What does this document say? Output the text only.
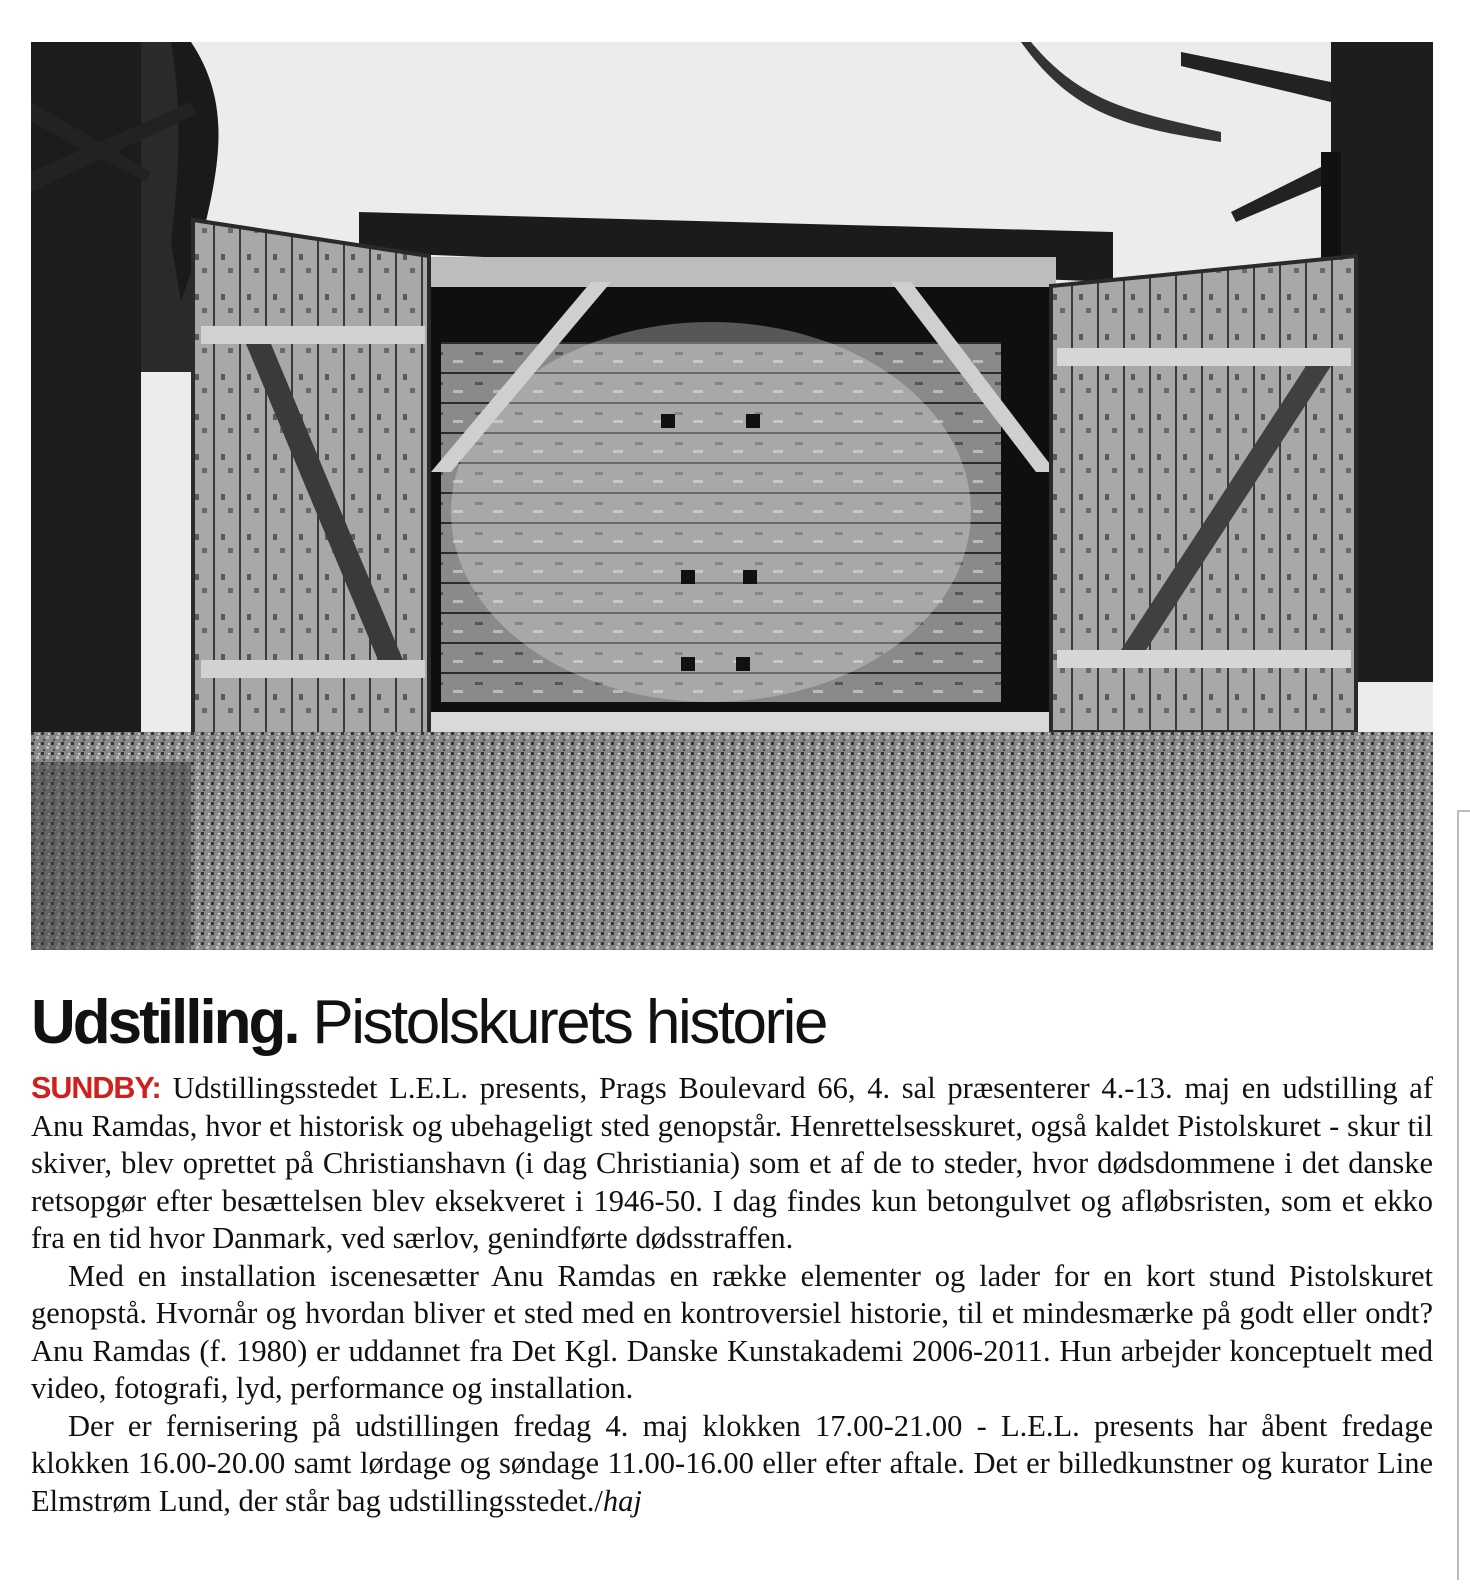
Udstilling. Pistolskurets historie

SUNDBY: Udstillingsstedet L.E.L. presents, Prags Boulevard 66, 4. sal præsenterer 4.-13. maj en udstilling af Anu Ramdas, hvor et historisk og ubehageligt sted genopstår. Henrettelsesskuret, også kaldet Pistolskuret - skur til skiver, blev oprettet på Christianshavn (i dag Christiania) som et af de to steder, hvor dødsdommene i det danske retsopgør efter besættelsen blev eksekveret i 1946-50. I dag findes kun betongulvet og afløbsristen, som et ekko fra en tid hvor Danmark, ved særlov, genindførte dødsstraffen.

Med en installation iscenesætter Anu Ramdas en række elementer og lader for en kort stund Pistolskuret genopstå. Hvornår og hvordan bliver et sted med en kontroversiel historie, til et mindesmærke på godt eller ondt? Anu Ramdas (f. 1980) er uddannet fra Det Kgl. Danske Kunstakademi 2006-2011. Hun arbejder konceptuelt med video, fotografi, lyd, performance og installation.

Der er fernisering på udstillingen fredag 4. maj klokken 17.00-21.00 - L.E.L. presents har åbent fredage klokken 16.00-20.00 samt lørdage og søndage 11.00-16.00 eller efter aftale. Det er billedkunstner og kurator Line Elmstrøm Lund, der står bag udstillingsstedet./haj
